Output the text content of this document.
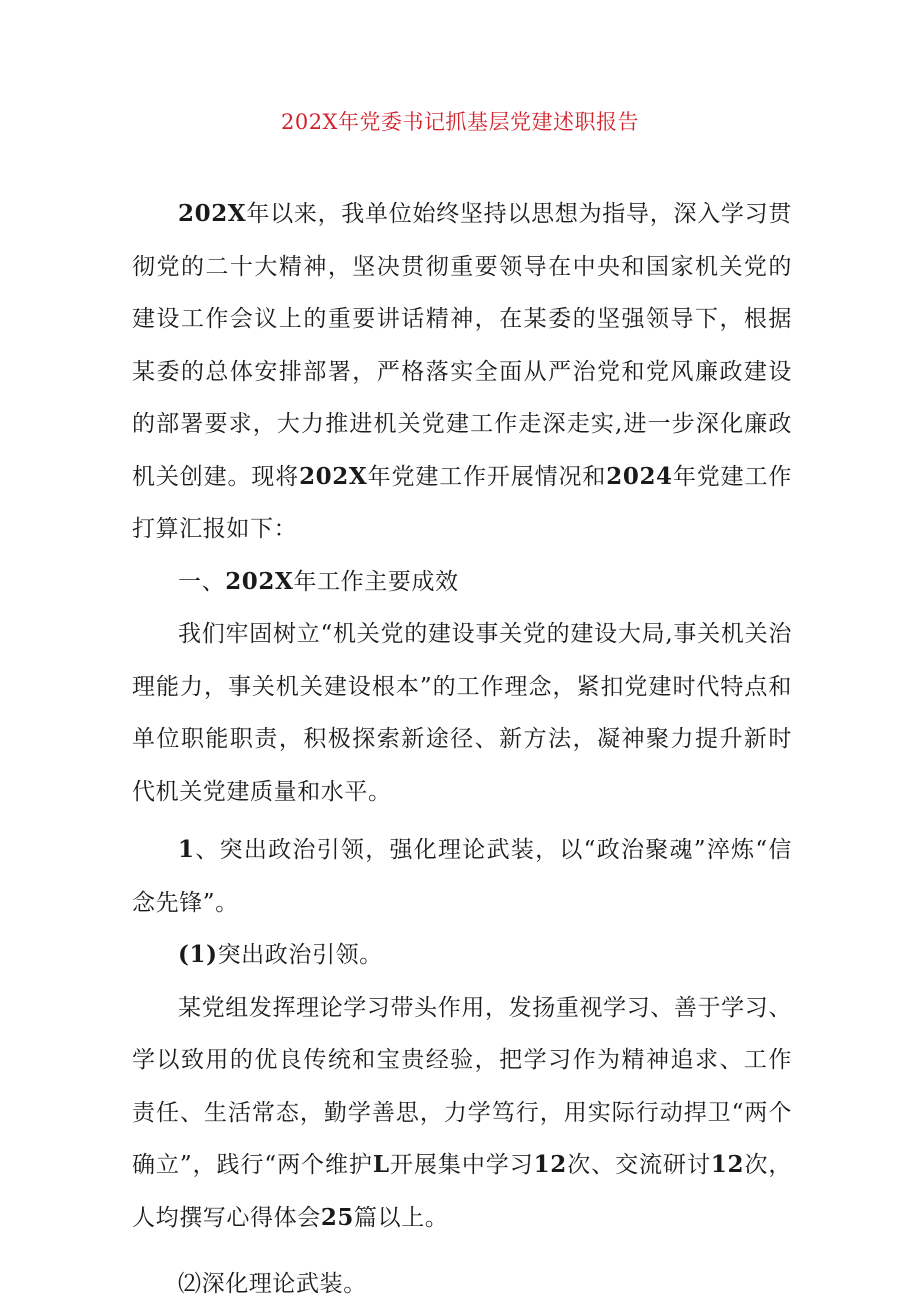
202X年党委书记抓基层党建述职报告

202X年以来，我单位始终坚持以思想为指导，深入学习贯彻党的二十大精神，坚决贯彻重要领导在中央和国家机关党的建设工作会议上的重要讲话精神，在某委的坚强领导下，根据某委的总体安排部署，严格落实全面从严治党和党风廉政建设的部署要求，大力推进机关党建工作走深走实,进一步深化廉政机关创建。现将202X年党建工作开展情况和2024年党建工作打算汇报如下：

一、202X年工作主要成效

我们牢固树立“机关党的建设事关党的建设大局,事关机关治理能力，事关机关建设根本”的工作理念，紧扣党建时代特点和单位职能职责，积极探索新途径、新方法，凝神聚力提升新时代机关党建质量和水平。

1、突出政治引领，强化理论武装，以“政治聚魂”淬炼“信念先锋”。

(1)突出政治引领。

某党组发挥理论学习带头作用，发扬重视学习、善于学习、学以致用的优良传统和宝贵经验，把学习作为精神追求、工作责任、生活常态，勤学善思，力学笃行，用实际行动捍卫“两个确立”，践行“两个维护L开展集中学习12次、交流研讨12次，人均撰写心得体会25篇以上。

⑵深化理论武装。
